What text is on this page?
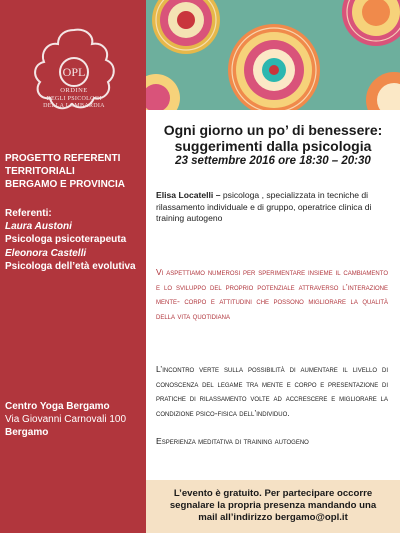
OPL
ORDINE
DEGLI PSICOLOGI
DELLA LOMBARDIA
PROGETTO REFERENTI
TERRITORIALI
BERGAMO E PROVINCIA
Referenti:
Laura Austoni
Psicologa psicoterapeuta
Eleonora Castelli
Psicologa dell’età evolutiva
Centro Yoga Bergamo
Via Giovanni Carnovali 100
Bergamo
Ogni giorno un po’ di benessere:
suggerimenti dalla psicologia
23 settembre 2016 ore 18:30 – 20:30
Elisa Locatelli – psicologa , specializzata in tecniche di rilassamento individuale e di gruppo, operatrice clinica di training autogeno
Vi aspettiamo numerosi per sperimentare insieme il cambiamento e lo sviluppo del proprio potenziale attraverso l’interazione mente- corpo e attitudini che possono migliorare la qualità della vita quotidiana
L’incontro verte sulla possibilità di aumentare il livello di conoscenza del legame tra mente e corpo e presentazione di pratiche di rilassamento volte ad accrescere e migliorare la condizione psico-fisica dell’individuo.
Esperienza meditativa di training autogeno
L’evento è gratuito. Per partecipare occorre
segnalare la propria presenza mandando una
mail all’indirizzo bergamo@opl.it
